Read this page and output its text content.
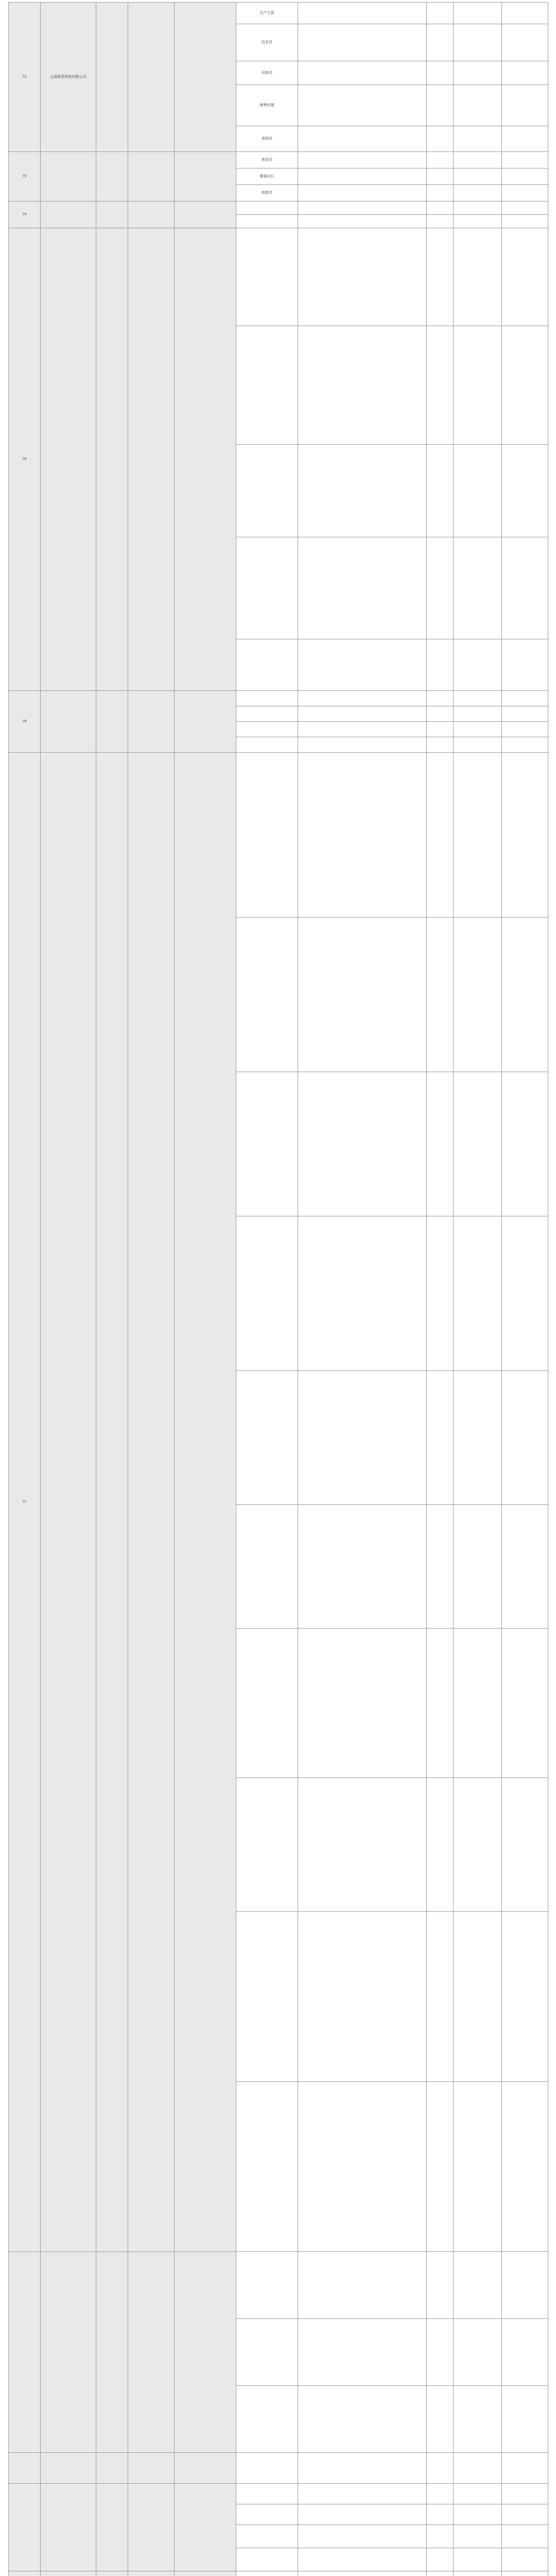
72	云南恩菲科技有限公司				生产主管				
					技术员				
					设备员				
					销售经理				
					质检员				
73					营业员				
					储备店长				
					收银员				
74									

75									

76									

77									
